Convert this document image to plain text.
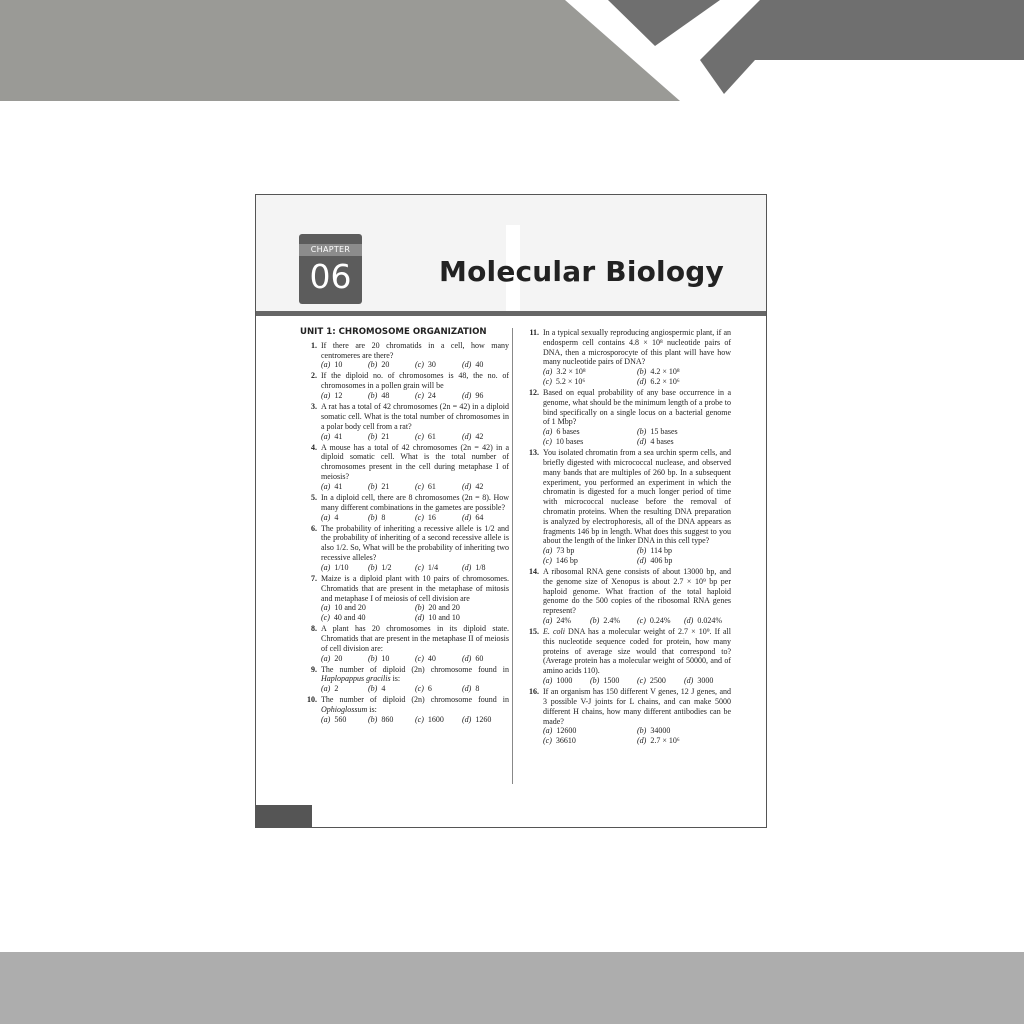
CHAPTER
06	Molecular Biology
UNIT 1: CHROMOSOME ORGANIZATION
1. If there are 20 chromatids in a cell, how many centromeres are there?
(a)  10	(b)  20	(c)  30	(d)  40
2. If the diploid no. of chromosomes is 48, the no. of chromosomes in a pollen grain will be
(a)  12	(b)  48	(c)  24	(d)  96
3. A rat has a total of 42 chromosomes (2n = 42) in a diploid somatic cell. What is the total number of chromosomes in a polar body cell from a rat?
(a)  41	(b)  21	(c)  61	(d)  42
4. A mouse has a total of 42 chromosomes (2n = 42) in a diploid somatic cell. What is the total number of chromosomes present in the cell during metaphase I of meiosis?
(a)  41	(b)  21	(c)  61	(d)  42
5. In a diploid cell, there are 8 chromosomes (2n = 8). How many different combinations in the gametes are possible?
(a)  4	(b)  8	(c)  16	(d)  64
6. The probability of inheriting a recessive allele is 1/2 and the probability of inheriting of a second recessive allele is also 1/2. So, What will be the probability of inheriting two recessive alleles?
(a)  1/10	(b)  1/2	(c)  1/4	(d)  1/8
7. Maize is a diploid plant with 10 pairs of chromosomes. Chromatids that are present in the metaphase of mitosis and metaphase I of meiosis of cell division are
(a)  10 and 20	(b)  20 and 20
(c)  40 and 40	(d)  10 and 10
8. A plant has 20 chromosomes in its diploid state. Chromatids that are present in the metaphase II of meiosis of cell division are:
(a)  20	(b)  10	(c)  40	(d)  60
9. The number of diploid (2n) chromosome found in Haplopappus gracilis is:
(a)  2	(b)  4	(c)  6	(d)  8
10. The number of diploid (2n) chromosome found in Ophioglossum is:
(a)  560	(b)  860	(c)  1600	(d)  1260
11. In a typical sexually reproducing angiospermic plant, if an endosperm cell contains 4.8 × 10⁸ nucleotide pairs of DNA, then a microsporocyte of this plant will have how many nucleotide pairs of DNA?
(a)  3.2 × 10⁸	(b)  4.2 × 10⁸
(c)  5.2 × 10⁶	(d)  6.2 × 10⁶
12. Based on equal probability of any base occurrence in a genome, what should be the minimum length of a probe to bind specifically on a single locus on a bacterial genome of 1 Mbp?
(a)  6 bases	(b)  15 bases
(c)  10 bases	(d)  4 bases
13. You isolated chromatin from a sea urchin sperm cells, and briefly digested with micrococcal nuclease, and observed many bands that are multiples of 260 bp. In a subsequent experiment, you performed an experiment in which the chromatin is digested for a much longer period of time with micrococcal nuclease before the removal of chromatin proteins. When the resulting DNA preparation is analyzed by electrophoresis, all of the DNA appears as fragments 146 bp in length. What does this suggest to you about the length of the linker DNA in this cell type?
(a)  73 bp	(b)  114 bp
(c)  146 bp	(d)  406 bp
14. A ribosomal RNA gene consists of about 13000 bp, and the genome size of Xenopus is about 2.7 × 10⁹ bp per haploid genome. What fraction of the total haploid genome do the 500 copies of the ribosomal RNA genes represent?
(a)  24%	(b)  2.4%	(c)  0.24%	(d)  0.024%
15. E. coli DNA has a molecular weight of 2.7 × 10⁹. If all this nucleotide sequence coded for protein, how many proteins of average size would that correspond to? (Average protein has a molecular weight of 50000, and of amino acids 110).
(a)  1000	(b)  1500	(c)  2500	(d)  3000
16. If an organism has 150 different V genes, 12 J genes, and 3 possible V-J joints for L chains, and can make 5000 different H chains, how many different antibodies can be made?
(a)  12600	(b)  34000
(c)  36610	(d)  2.7 × 10⁶
